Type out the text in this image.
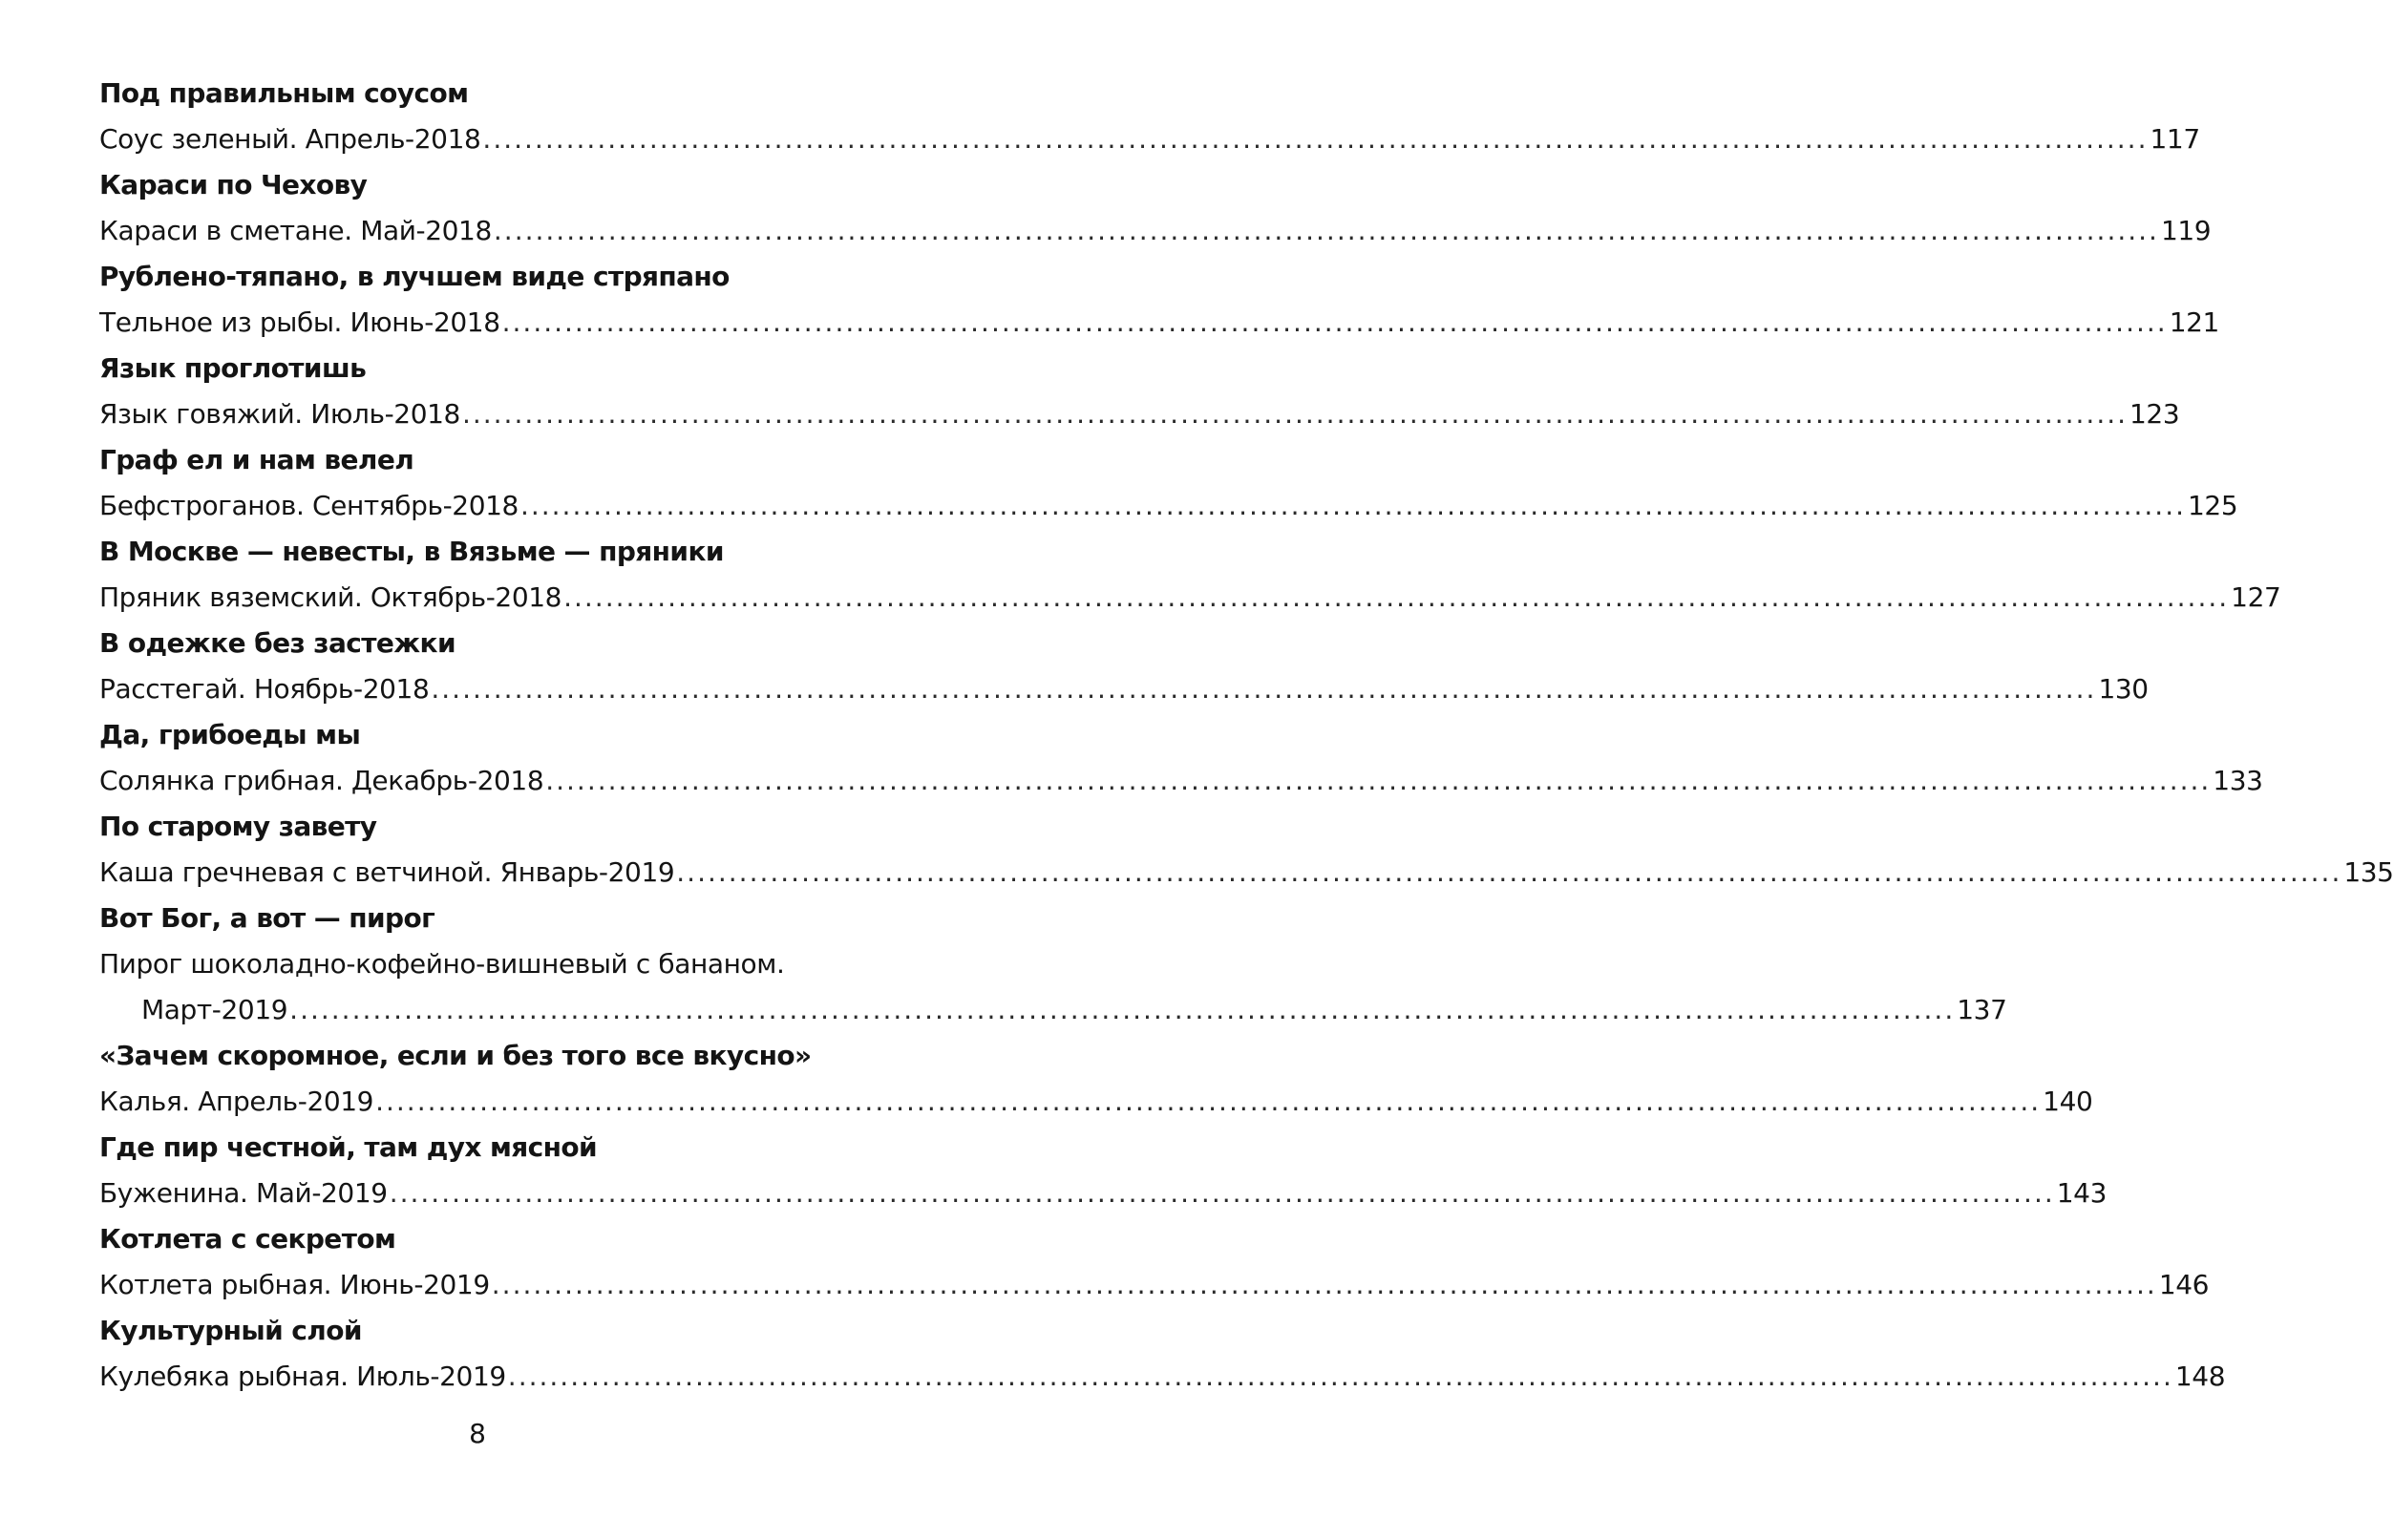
Под правильным соусом
Соус зеленый. Апрель-2018 ................................................................................................................................................................ 117
Караси по Чехову
Караси в сметане. Май-2018 ................................................................................................................................................................ 119
Рублено-тяпано, в лучшем виде стряпано
Тельное из рыбы. Июнь-2018 ................................................................................................................................................................ 121
Язык проглотишь
Язык говяжий. Июль-2018 ................................................................................................................................................................ 123
Граф ел и нам велел
Бефстроганов. Сентябрь-2018 ................................................................................................................................................................ 125
В Москве — невесты, в Вязьме — пряники
Пряник вяземский. Октябрь-2018 ................................................................................................................................................................ 127
В одежке без застежки
Расстегай. Ноябрь-2018 ................................................................................................................................................................ 130
Да, грибоеды мы
Солянка грибная. Декабрь-2018 ................................................................................................................................................................ 133
По старому завету
Каша гречневая с ветчиной. Январь-2019 ................................................................................................................................................................ 135
Вот Бог, а вот — пирог
Пирог шоколадно-кофейно-вишневый с бананом.
Март-2019 ................................................................................................................................................................ 137
«Зачем скоромное, если и без того все вкусно»
Калья. Апрель-2019 ................................................................................................................................................................ 140
Где пир честной, там дух мясной
Буженина. Май-2019 ................................................................................................................................................................ 143
Котлета с секретом
Котлета рыбная. Июнь-2019 ................................................................................................................................................................ 146
Культурный слой
Кулебяка рыбная. Июль-2019 ................................................................................................................................................................ 148
8
